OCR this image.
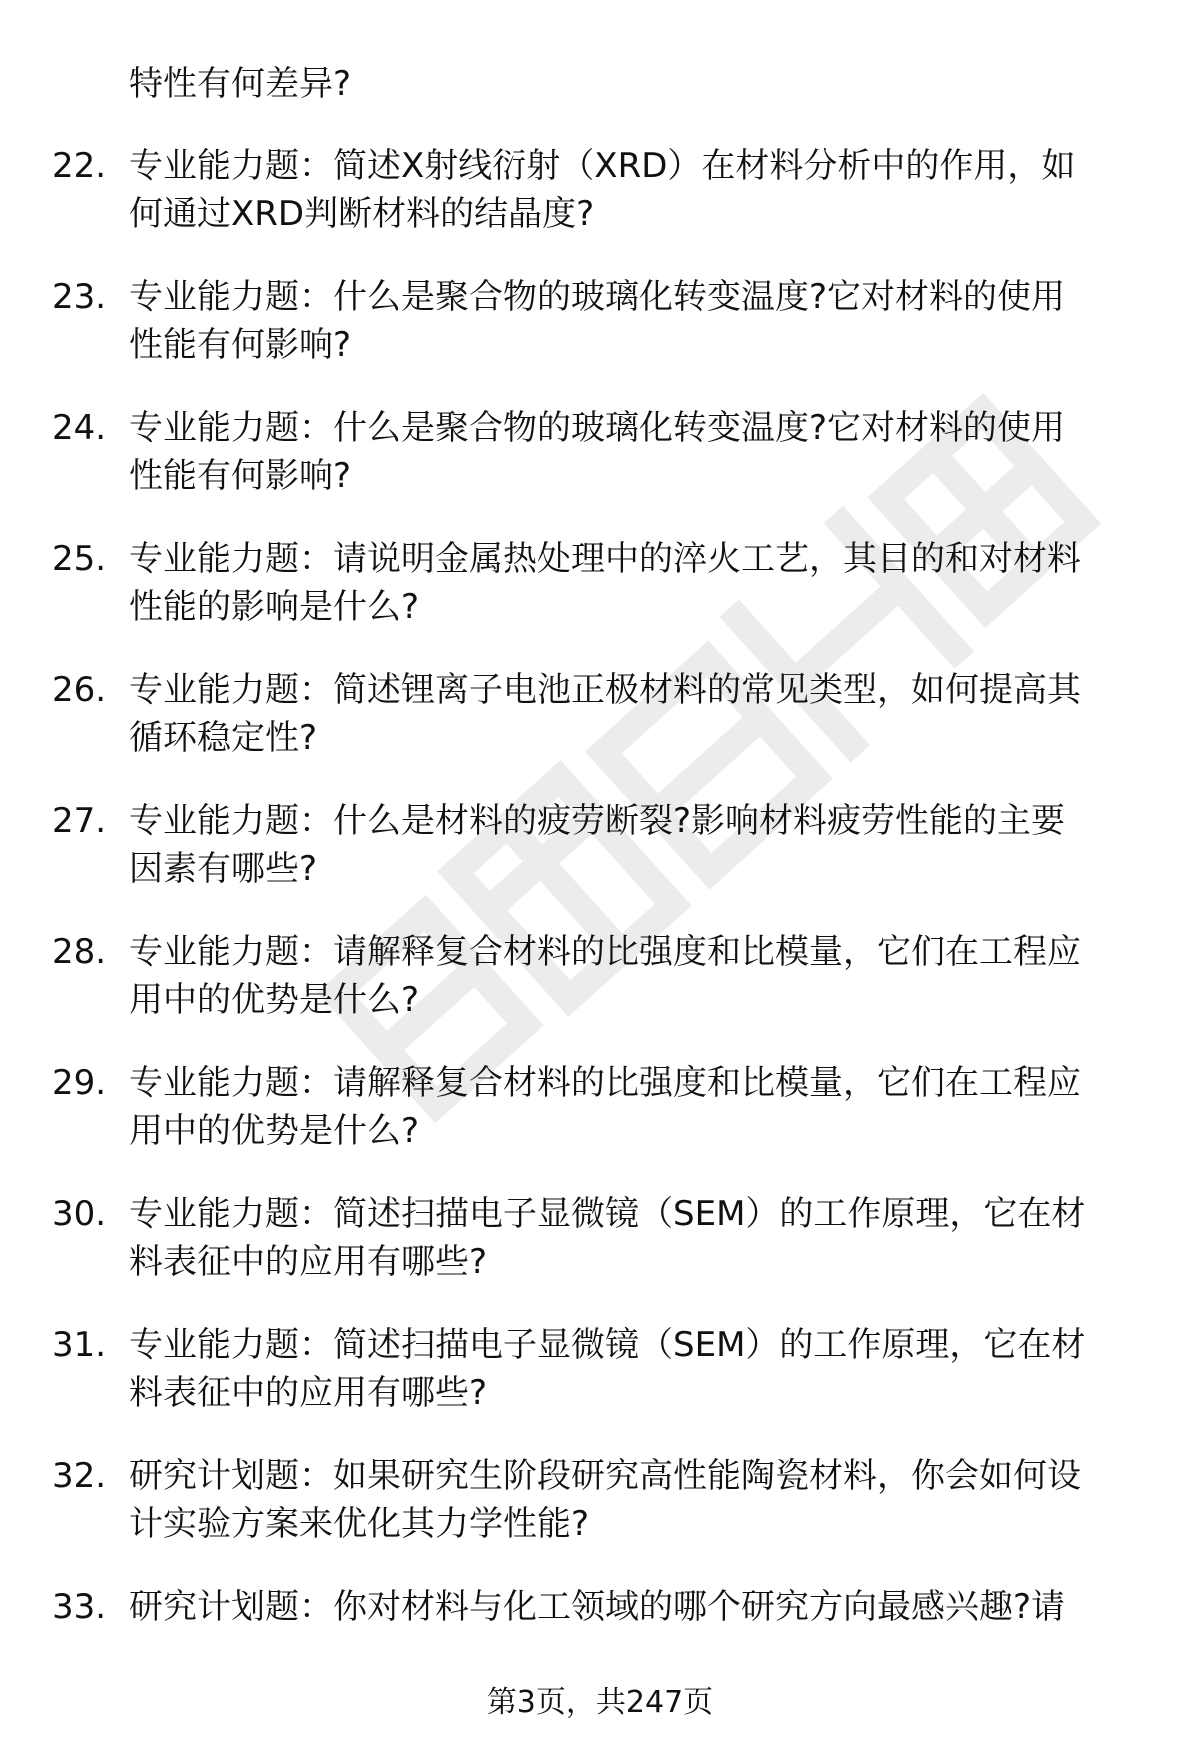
特性有何差异?
22. 专业能力题：简述X射线衍射（XRD）在材料分析中的作用，如
何通过XRD判断材料的结晶度?
23. 专业能力题：什么是聚合物的玻璃化转变温度?它对材料的使用
性能有何影响?
24. 专业能力题：什么是聚合物的玻璃化转变温度?它对材料的使用
性能有何影响?
25. 专业能力题：请说明金属热处理中的淬火工艺，其目的和对材料
性能的影响是什么?
26. 专业能力题：简述锂离子电池正极材料的常见类型，如何提高其
循环稳定性?
27. 专业能力题：什么是材料的疲劳断裂?影响材料疲劳性能的主要
因素有哪些?
28. 专业能力题：请解释复合材料的比强度和比模量，它们在工程应
用中的优势是什么?
29. 专业能力题：请解释复合材料的比强度和比模量，它们在工程应
用中的优势是什么?
30. 专业能力题：简述扫描电子显微镜（SEM）的工作原理，它在材
料表征中的应用有哪些?
31. 专业能力题：简述扫描电子显微镜（SEM）的工作原理，它在材
料表征中的应用有哪些?
32. 研究计划题：如果研究生阶段研究高性能陶瓷材料，你会如何设
计实验方案来优化其力学性能?
33. 研究计划题：你对材料与化工领域的哪个研究方向最感兴趣?请
第3页，共247页
